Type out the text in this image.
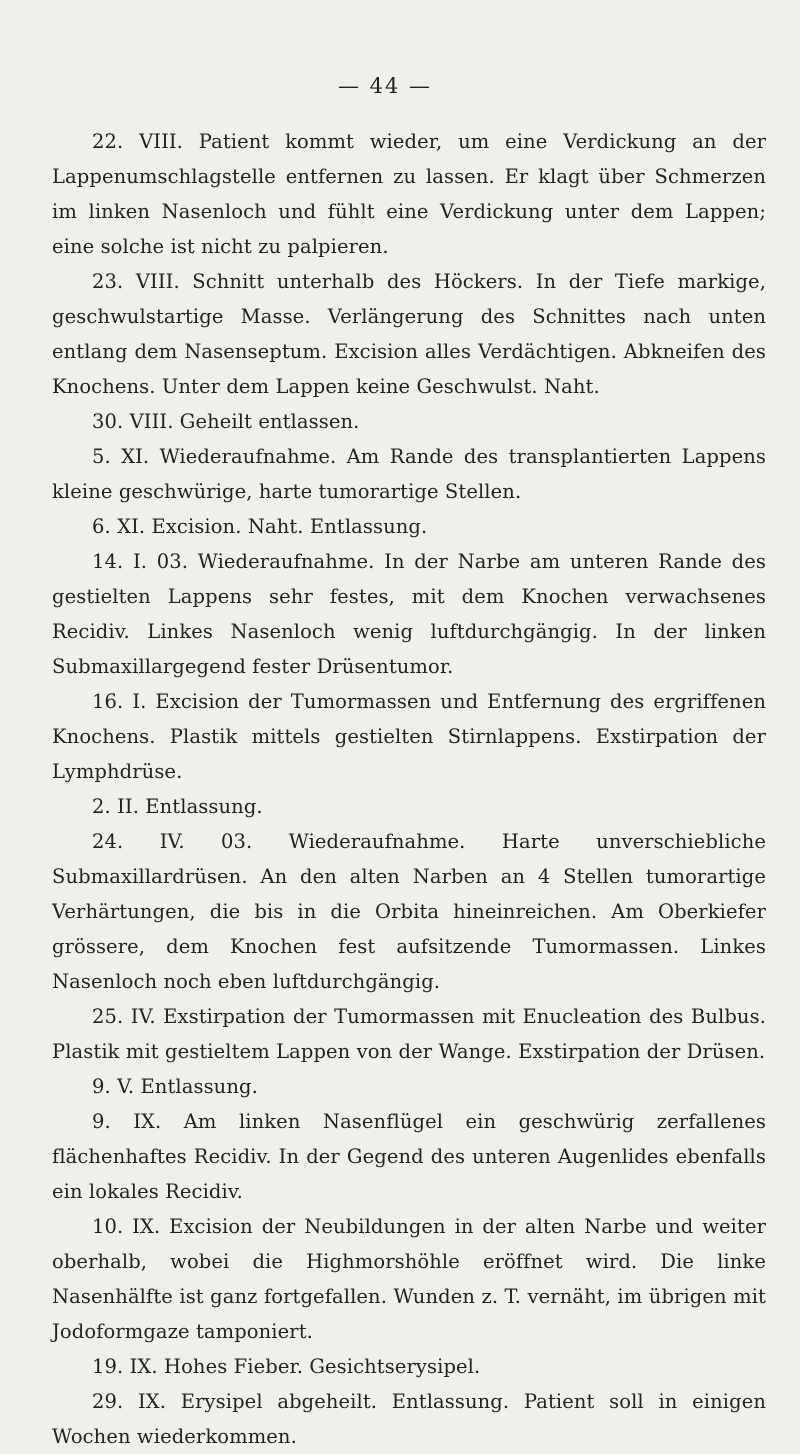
— 44 —

22. VIII. Patient kommt wieder, um eine Verdickung an der Lappenumschlagstelle entfernen zu lassen. Er klagt über Schmerzen im linken Nasenloch und fühlt eine Verdickung unter dem Lappen; eine solche ist nicht zu palpieren.

23. VIII. Schnitt unterhalb des Höckers. In der Tiefe markige, geschwulstartige Masse. Verlängerung des Schnittes nach unten entlang dem Nasenseptum. Excision alles Verdächtigen. Abkneifen des Knochens. Unter dem Lappen keine Geschwulst. Naht.

30. VIII. Geheilt entlassen.

5. XI. Wiederaufnahme. Am Rande des transplantierten Lappens kleine geschwürige, harte tumorartige Stellen.

6. XI. Excision. Naht. Entlassung.

14. I. 03. Wiederaufnahme. In der Narbe am unteren Rande des gestielten Lappens sehr festes, mit dem Knochen verwachsenes Recidiv. Linkes Nasenloch wenig luftdurchgängig. In der linken Submaxillargegend fester Drüsentumor.

16. I. Excision der Tumormassen und Entfernung des ergriffenen Knochens. Plastik mittels gestielten Stirnlappens. Exstirpation der Lymphdrüse.

2. II. Entlassung.

24. IV. 03. Wiederaufnahme. Harte unverschiebliche Submaxillardrüsen. An den alten Narben an 4 Stellen tumorartige Verhärtungen, die bis in die Orbita hineinreichen. Am Oberkiefer grössere, dem Knochen fest aufsitzende Tumormassen. Linkes Nasenloch noch eben luftdurchgängig.

25. IV. Exstirpation der Tumormassen mit Enucleation des Bulbus. Plastik mit gestieltem Lappen von der Wange. Exstirpation der Drüsen.

9. V. Entlassung.

9. IX. Am linken Nasenflügel ein geschwürig zerfallenes flächenhaftes Recidiv. In der Gegend des unteren Augenlides ebenfalls ein lokales Recidiv.

10. IX. Excision der Neubildungen in der alten Narbe und weiter oberhalb, wobei die Highmorshöhle eröffnet wird. Die linke Nasenhälfte ist ganz fortgefallen. Wunden z. T. vernäht, im übrigen mit Jodoformgaze tamponiert.

19. IX. Hohes Fieber. Gesichtserysipel.

29. IX. Erysipel abgeheilt. Entlassung. Patient soll in einigen Wochen wiederkommen.
